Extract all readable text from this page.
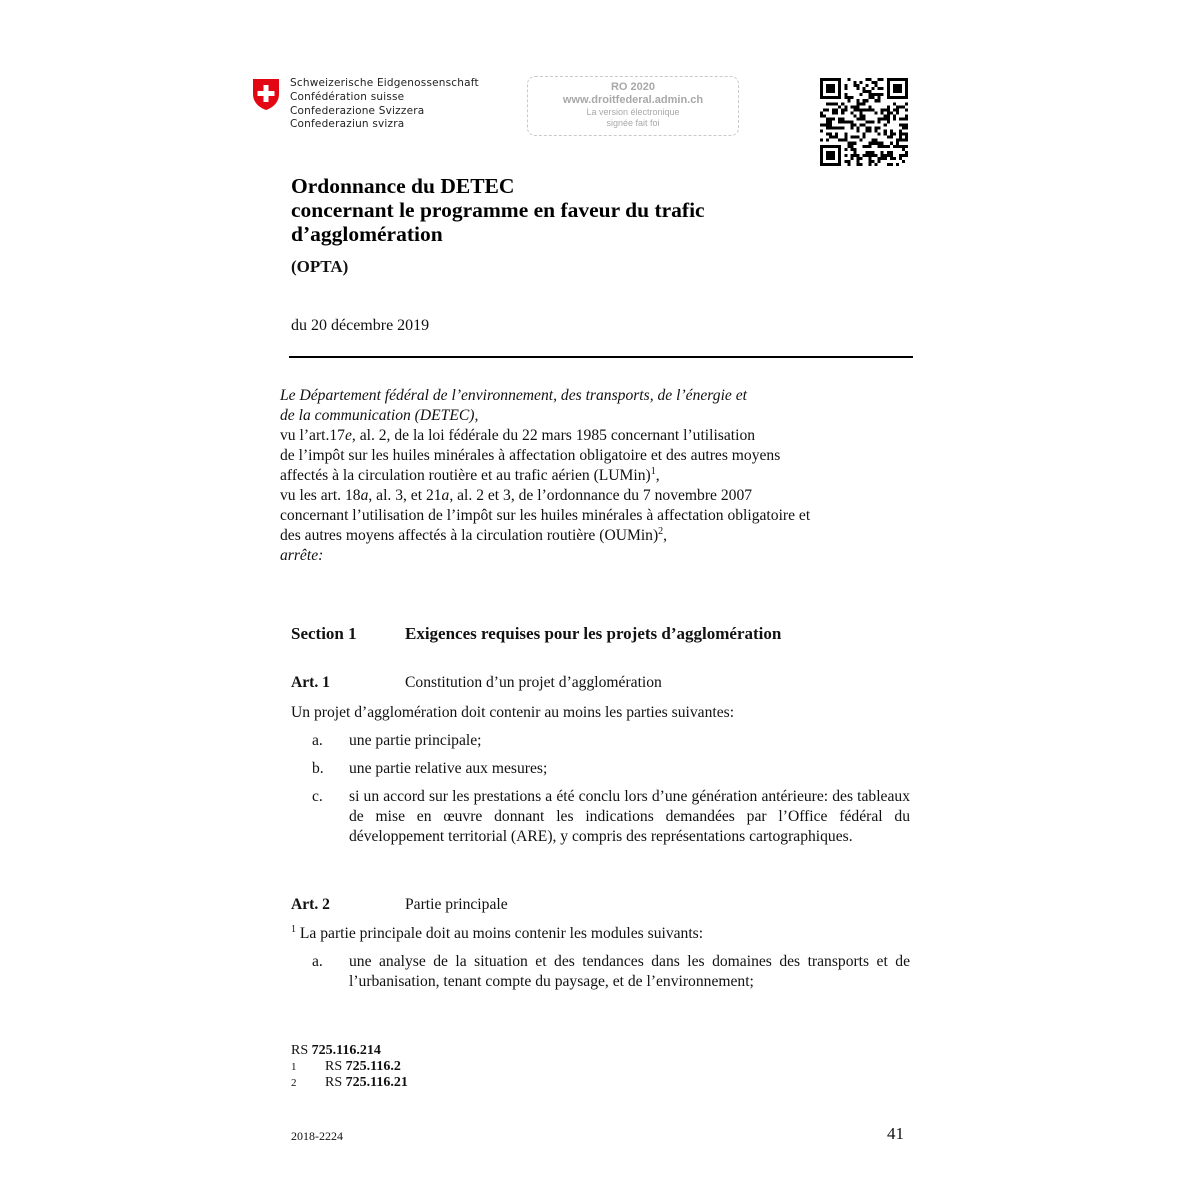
Schweizerische Eidgenossenschaft
Confédération suisse
Confederazione Svizzera
Confederaziun svizra
RO 2020
www.droitfederal.admin.ch
La version électronique
signée fait foi
Ordonnance du DETEC
concernant le programme en faveur du trafic
d’agglomération
(OPTA)
du 20 décembre 2019
Le Département fédéral de l’environnement, des transports, de l’énergie et
de la communication (DETEC),
vu l’art.17e, al. 2, de la loi fédérale du 22 mars 1985 concernant l’utilisation
de l’impôt sur les huiles minérales à affectation obligatoire et des autres moyens
affectés à la circulation routière et au trafic aérien (LUMin)$^1$,
vu les art. 18a, al. 3, et 21a, al. 2 et 3, de l’ordonnance du 7 novembre 2007
concernant l’utilisation de l’impôt sur les huiles minérales à affectation obligatoire et
des autres moyens affectés à la circulation routière (OUMin)$^2$,
arrête:
Section 1	Exigences requises pour les projets d’agglomération
Art. 1	Constitution d’un projet d’agglomération
Un projet d’agglomération doit contenir au moins les parties suivantes:
a. une partie principale;
b. une partie relative aux mesures;
c. si un accord sur les prestations a été conclu lors d’une génération antérieure: des tableaux de mise en œuvre donnant les indications demandées par l’Office fédéral du développement territorial (ARE), y compris des représentations cartographiques.
Art. 2	Partie principale
$^1$ La partie principale doit au moins contenir les modules suivants:
a. une analyse de la situation et des tendances dans les domaines des transports et de l’urbanisation, tenant compte du paysage, et de l’environnement;
RS 725.116.214
1 RS 725.116.2
2 RS 725.116.21
2018-2224	41
